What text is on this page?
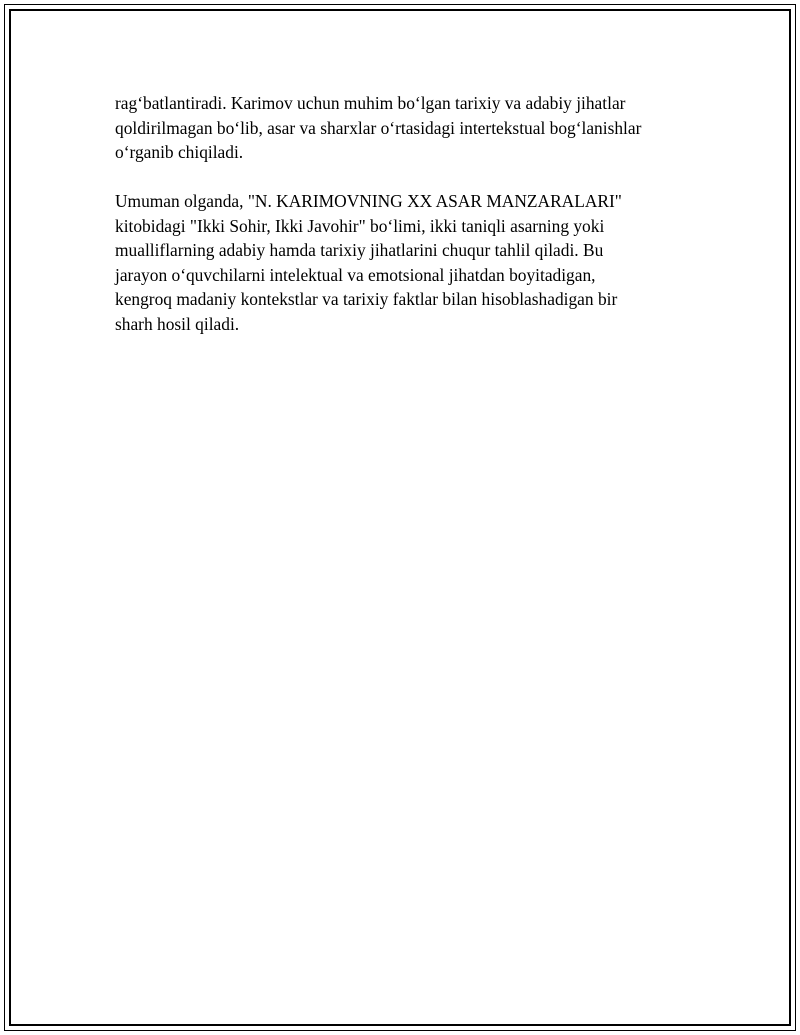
rag‘batlantiradi. Karimov uchun muhim bo‘lgan tarixiy va adabiy jihatlar
qoldirilmagan bo‘lib, asar va sharxlar o‘rtasidagi intertekstual bog‘lanishlar
o‘rganib chiqiladi.

Umuman olganda, "N. KARIMOVNING XX ASAR MANZARALARI"
kitobidagi "Ikki Sohir, Ikki Javohir" bo‘limi, ikki taniqli asarning yoki
mualliflarning adabiy hamda tarixiy jihatlarini chuqur tahlil qiladi. Bu
jarayon o‘quvchilarni intelektual va emotsional jihatdan boyitadigan,
kengroq madaniy kontekstlar va tarixiy faktlar bilan hisoblashadigan bir
sharh hosil qiladi.
